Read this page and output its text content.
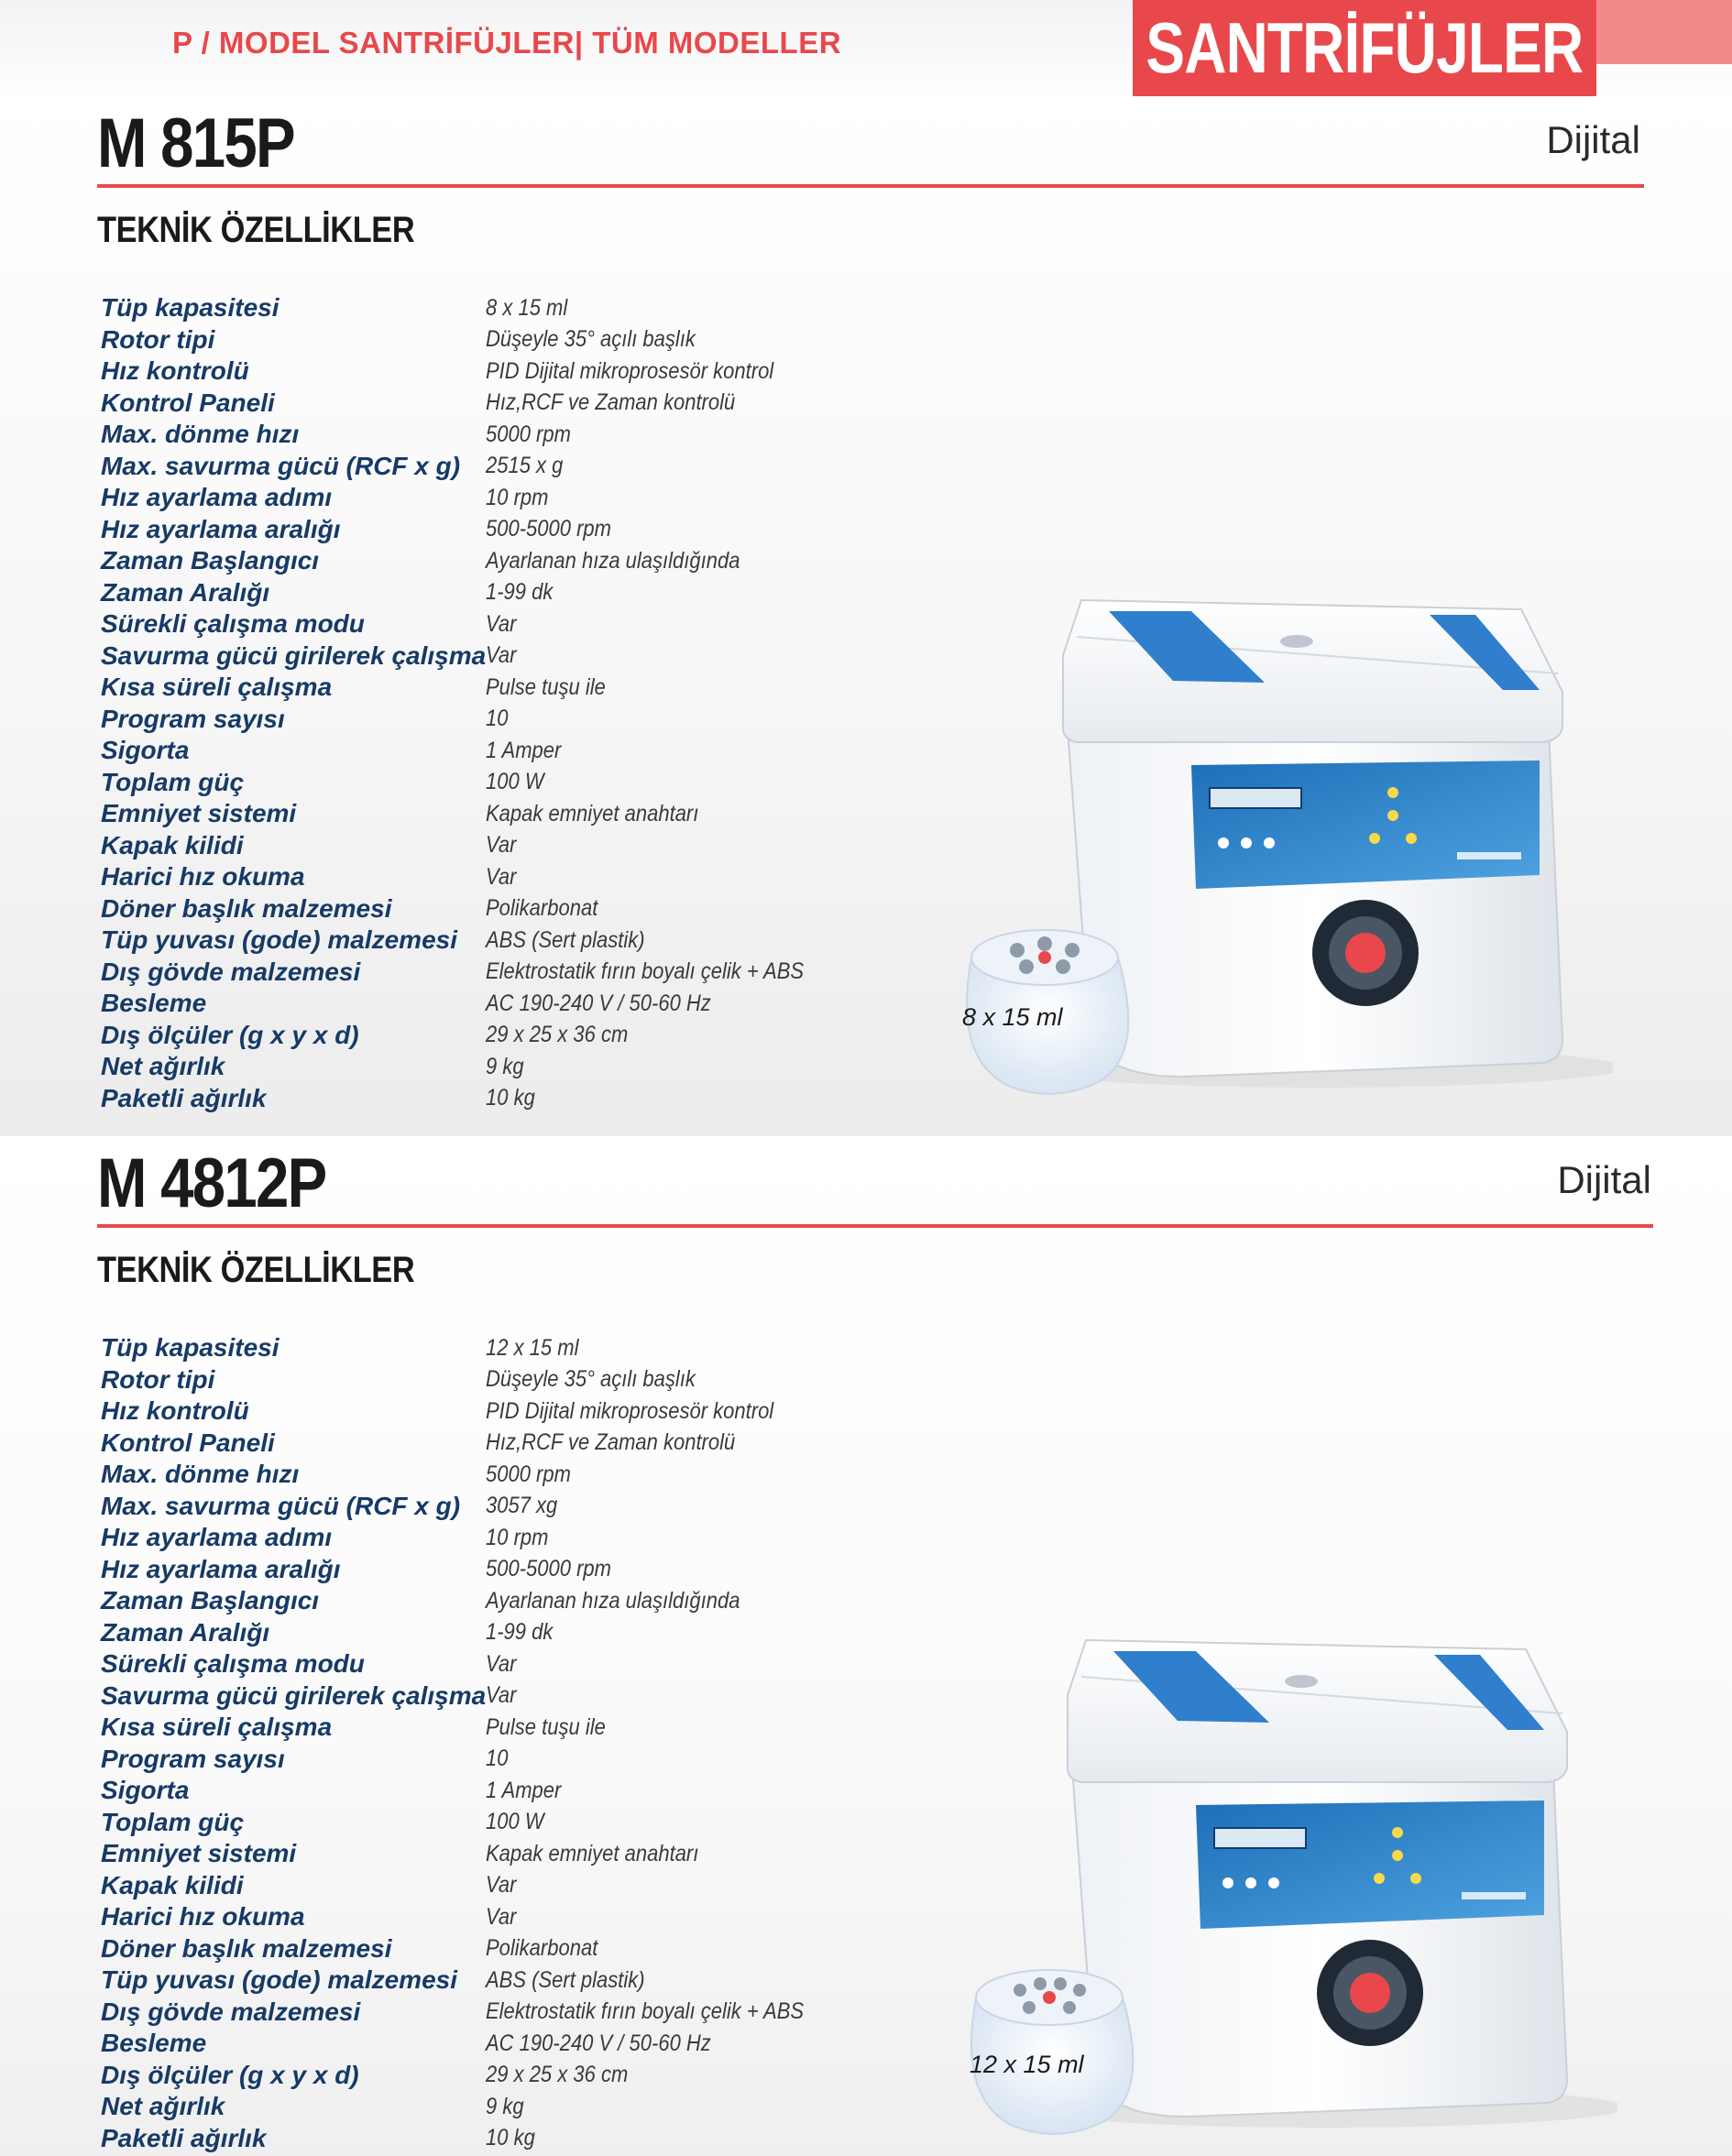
P / MODEL SANTRİFÜJLER| TÜM MODELLER	SANTRİFÜJLER
M 815P	Dijital
TEKNİK ÖZELLİKLER
Tüp kapasitesi	8 x 15 ml
Rotor tipi	Düşeyle 35° açılı başlık
Hız kontrolü	PID Dijital mikroprosesör kontrol
Kontrol Paneli	Hız,RCF ve Zaman kontrolü
Max. dönme hızı	5000 rpm
Max. savurma gücü (RCF x g)	2515 x g
Hız ayarlama adımı	10 rpm
Hız ayarlama aralığı	500-5000 rpm
Zaman Başlangıcı	Ayarlanan hıza ulaşıldığında
Zaman Aralığı	1-99 dk
Sürekli çalışma modu	Var
Savurma gücü girilerek çalışma Var
Kısa süreli çalışma	Pulse tuşu ile
Program sayısı	10
Sigorta	1 Amper
Toplam güç	100 W
Emniyet sistemi	Kapak emniyet anahtarı
Kapak kilidi	Var
Harici hız okuma	Var
Döner başlık malzemesi	Polikarbonat
Tüp yuvası (gode) malzemesi	ABS (Sert plastik)
Dış gövde malzemesi	Elektrostatik fırın boyalı çelik + ABS
Besleme	AC 190-240 V / 50-60 Hz
Dış ölçüler (g x y x d)	29 x 25 x 36 cm
Net ağırlık	9 kg
Paketli ağırlık	10 kg
8 x 15 ml
M 4812P	Dijital
TEKNİK ÖZELLİKLER
Tüp kapasitesi	12 x 15 ml
Rotor tipi	Düşeyle 35° açılı başlık
Hız kontrolü	PID Dijital mikroprosesör kontrol
Kontrol Paneli	Hız,RCF ve Zaman kontrolü
Max. dönme hızı	5000 rpm
Max. savurma gücü (RCF x g)	3057 xg
Hız ayarlama adımı	10 rpm
Hız ayarlama aralığı	500-5000 rpm
Zaman Başlangıcı	Ayarlanan hıza ulaşıldığında
Zaman Aralığı	1-99 dk
Sürekli çalışma modu	Var
Savurma gücü girilerek çalışma Var
Kısa süreli çalışma	Pulse tuşu ile
Program sayısı	10
Sigorta	1 Amper
Toplam güç	100 W
Emniyet sistemi	Kapak emniyet anahtarı
Kapak kilidi	Var
Harici hız okuma	Var
Döner başlık malzemesi	Polikarbonat
Tüp yuvası (gode) malzemesi	ABS (Sert plastik)
Dış gövde malzemesi	Elektrostatik fırın boyalı çelik + ABS
Besleme	AC 190-240 V / 50-60 Hz
Dış ölçüler (g x y x d)	29 x 25 x 36 cm
Net ağırlık	9 kg
Paketli ağırlık	10 kg
12 x 15 ml
